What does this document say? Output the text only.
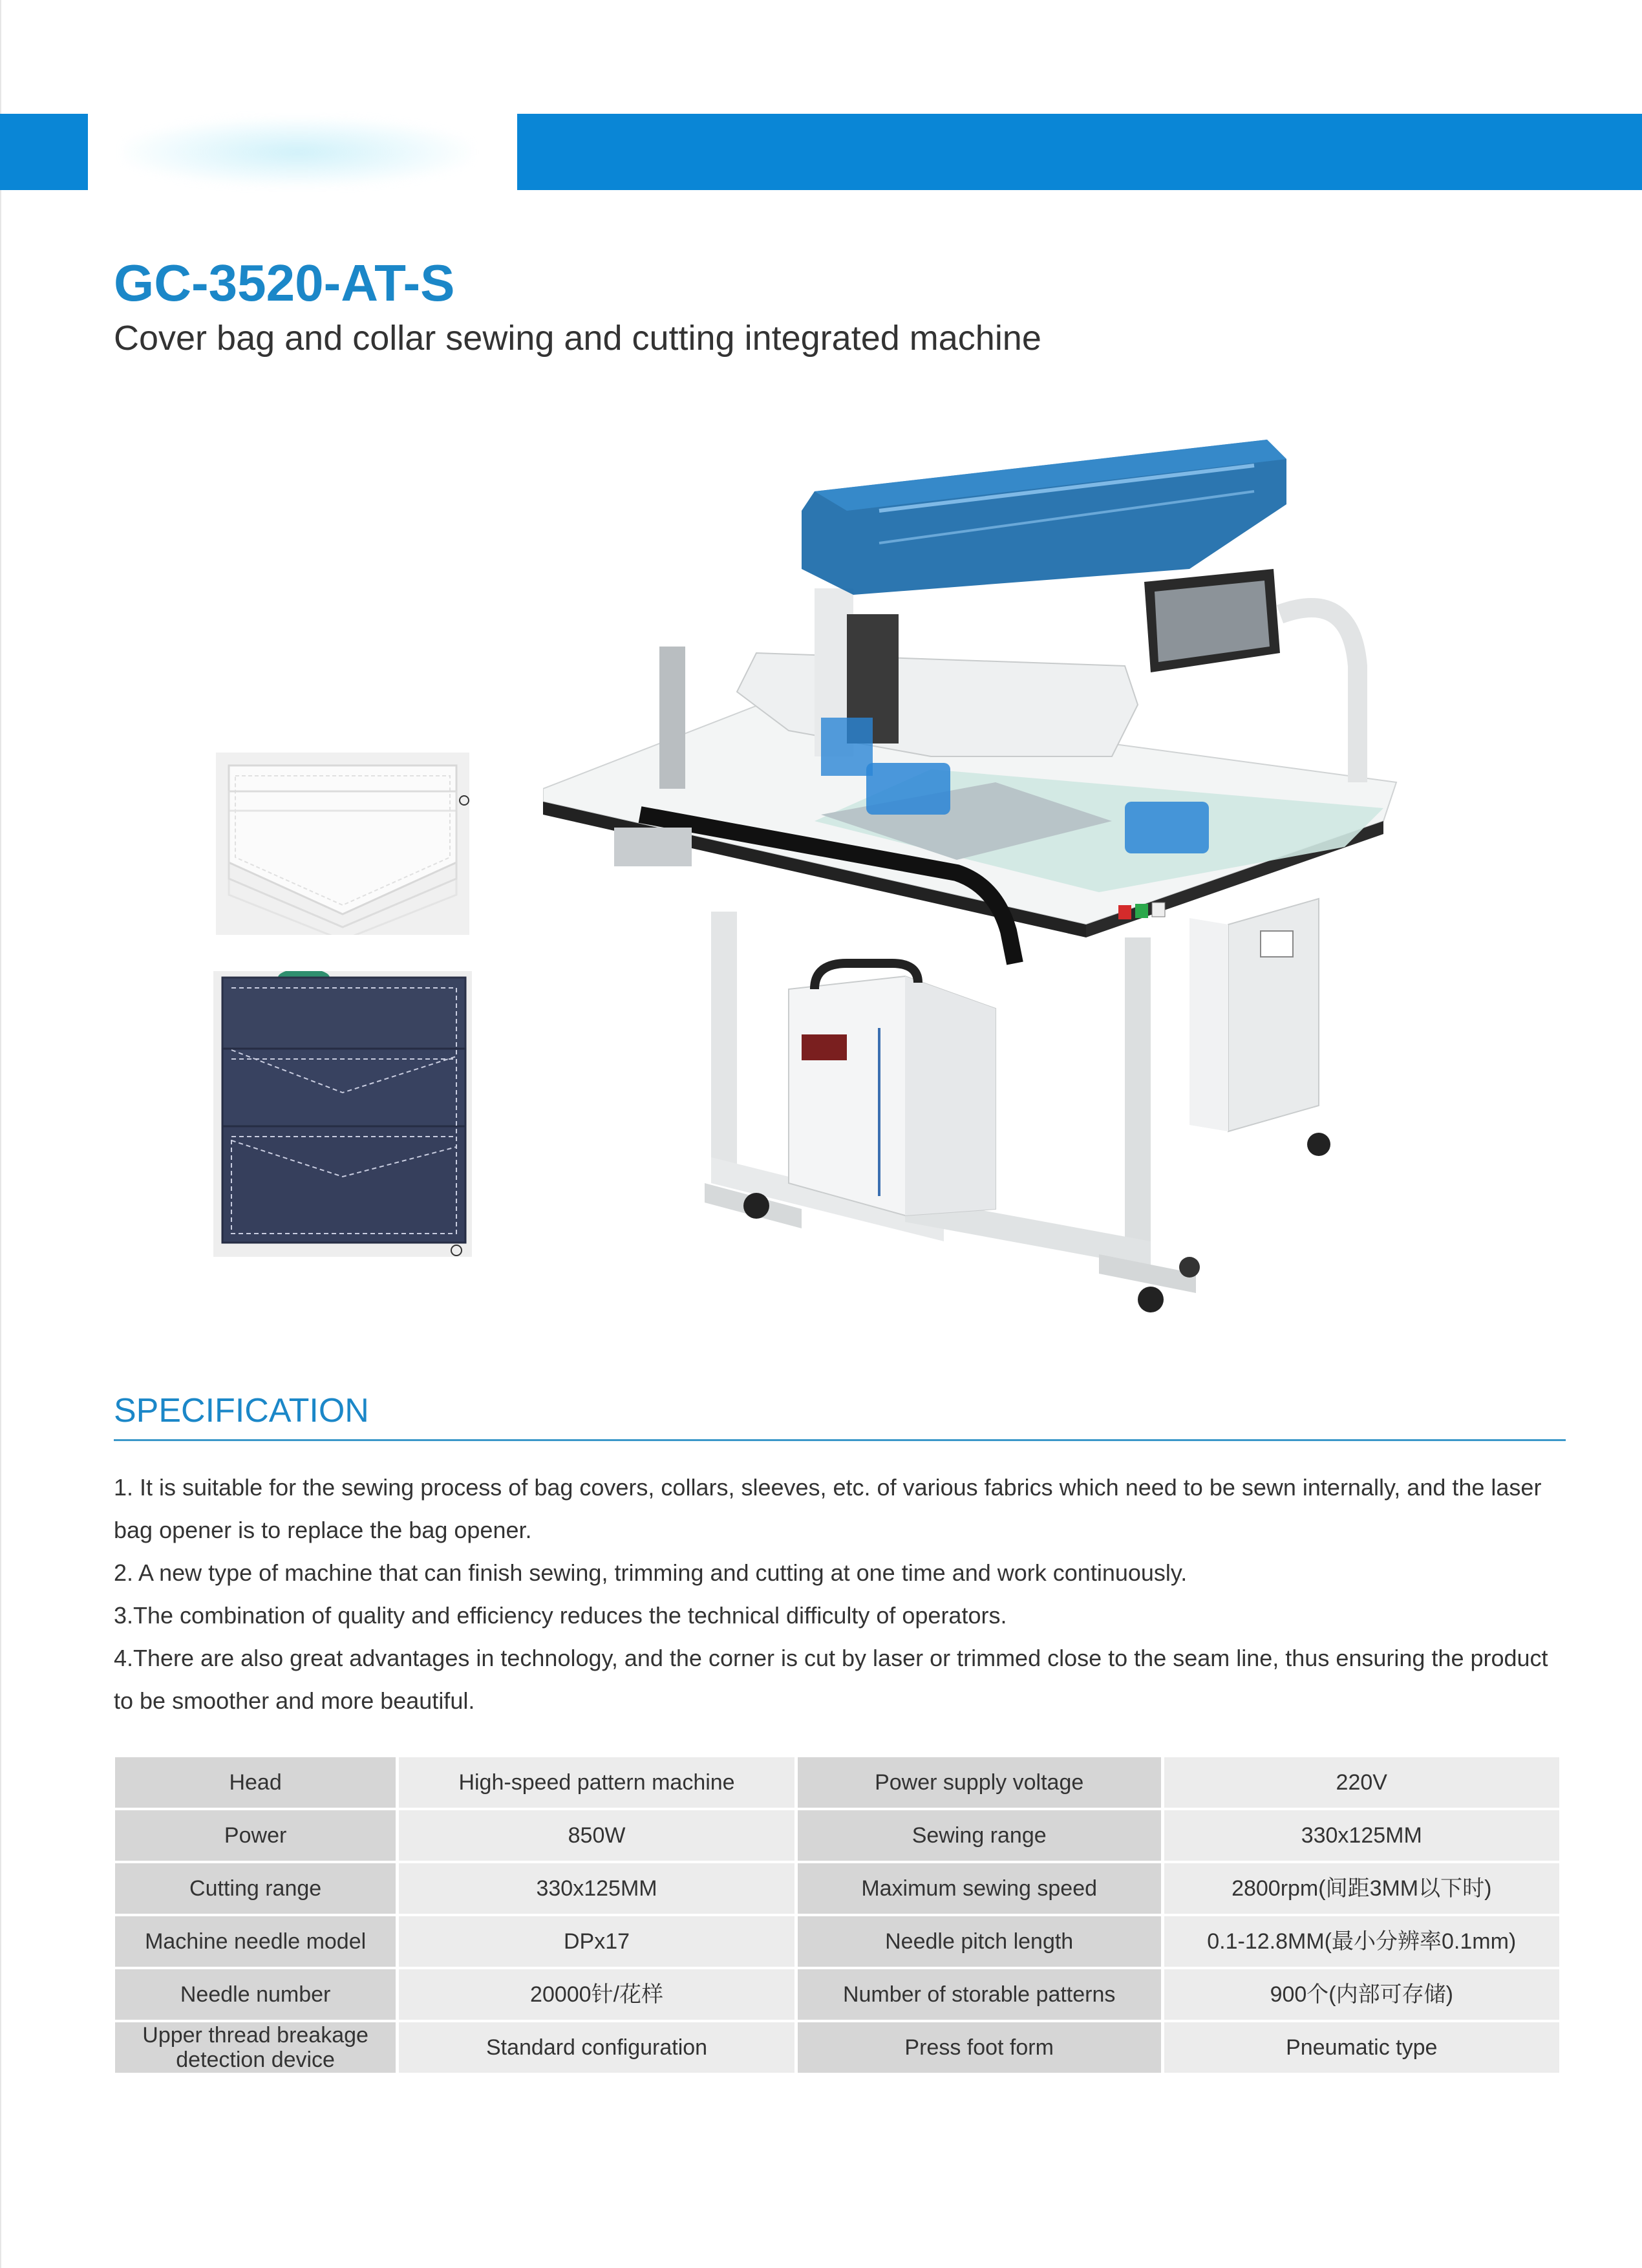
GC-3520-AT-S

Cover bag and collar sewing and cutting integrated machine

SPECIFICATION

1. It is suitable for the sewing process of bag covers, collars, sleeves, etc. of various fabrics which need to be sewn internally, and the laser bag opener is to replace the bag opener.

2. A new type of machine that can finish sewing, trimming and cutting at one time and work continuously.

3.The combination of quality and efficiency reduces the technical difficulty of operators.

4.There are also great advantages in technology, and the corner is cut by laser or trimmed close to the seam line, thus ensuring the product to be smoother and more beautiful.

Head	High-speed pattern machine	Power supply voltage	220V
Power	850W	Sewing range	330x125MM
Cutting range	330x125MM	Maximum sewing speed	2800rpm(间距3MM以下时)
Machine needle model	DPx17	Needle pitch length	0.1-12.8MM(最小分辨率0.1mm)
Needle number	20000针/花样	Number of storable patterns	900个(内部可存储)
Upper thread breakage detection device	Standard configuration	Press foot form	Pneumatic type
